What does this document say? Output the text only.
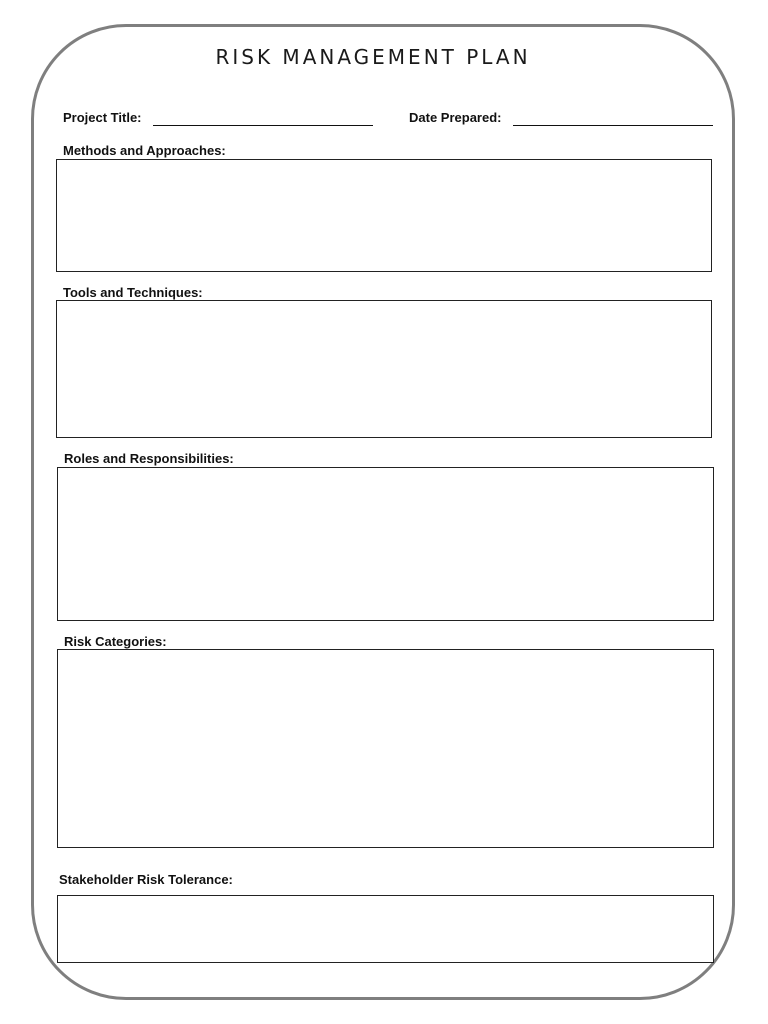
RISK MANAGEMENT PLAN
Project Title:	Date Prepared:
Methods and Approaches:
Tools and Techniques:
Roles and Responsibilities:
Risk Categories:
Stakeholder Risk Tolerance:
